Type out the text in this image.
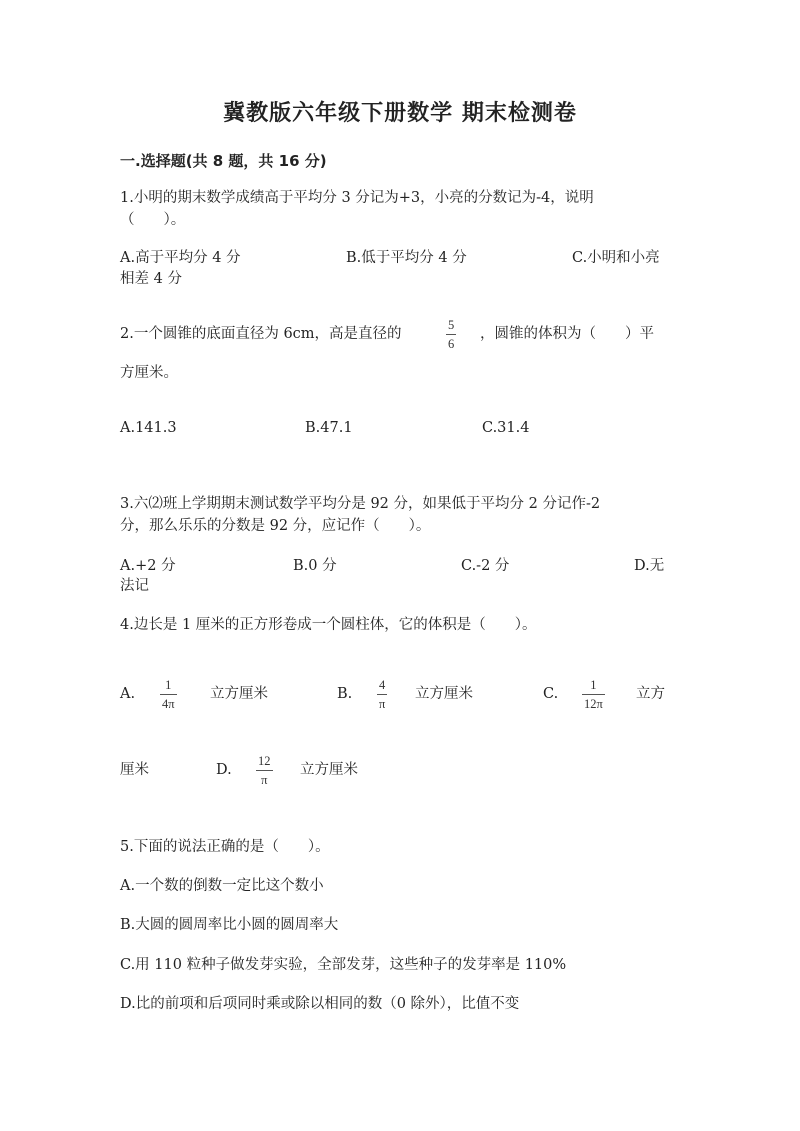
冀教版六年级下册数学 期末检测卷
一.选择题(共 8 题，共 16 分)
1.小明的期末数学成绩高于平均分 3 分记为+3，小亮的分数记为-4，说明
（　　）。
A.高于平均分 4 分	B.低于平均分 4 分	C.小明和小亮
相差 4 分
2.一个圆锥的底面直径为 6cm，高是直径的
5
6
，圆锥的体积为（　　）平
方厘米。
A.141.3	B.47.1	C.31.4
3.六⑵班上学期期末测试数学平均分是 92 分，如果低于平均分 2 分记作-2
分，那么乐乐的分数是 92 分，应记作（　　）。
A.+2 分	B.0 分	C.-2 分	D.无
法记
4.边长是 1 厘米的正方形卷成一个圆柱体，它的体积是（　　）。
A.
1
4π
立方厘米	B.
4
π
立方厘米	C.
1
12π
立方
厘米	D.
12
π
立方厘米
5.下面的说法正确的是（　　）。
A.一个数的倒数一定比这个数小
B.大圆的圆周率比小圆的圆周率大
C.用 110 粒种子做发芽实验，全部发芽，这些种子的发芽率是 110%
D.比的前项和后项同时乘或除以相同的数（0 除外），比值不变
